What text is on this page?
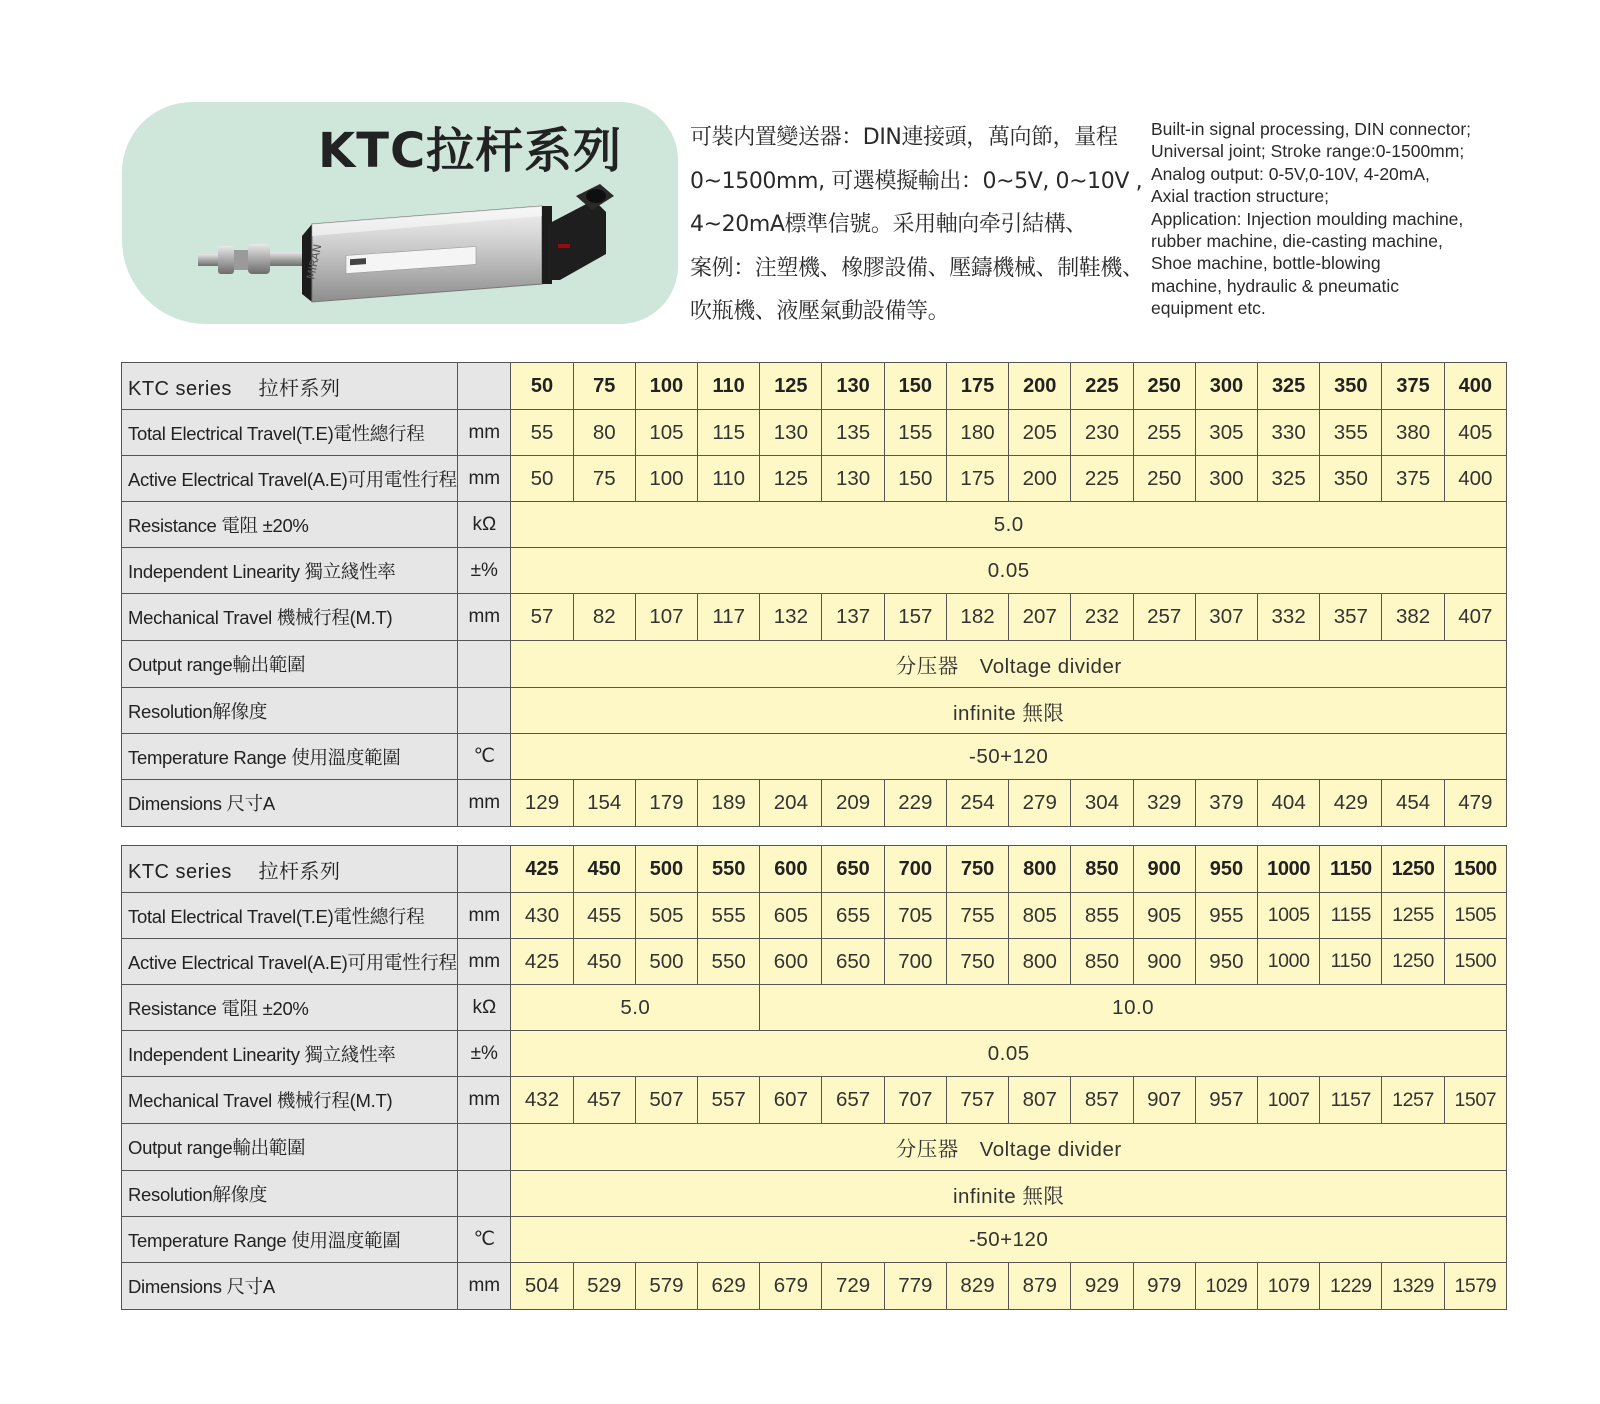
KTC拉杆系列
MIRAN
可裝内置變送器：DIN連接頭，萬向節，量程
0~1500mm, 可選模擬輸出：0~5V, 0~10V ,
4~20mA標準信號。采用軸向牵引結構、
案例：注塑機、橡膠設備、壓鑄機械、制鞋機、
吹瓶機、液壓氣動設備等。
Built-in signal processing, DIN connector;
Universal joint; Stroke range:0-1500mm;
Analog output: 0-5V,0-10V, 4-20mA,
Axial traction structure;
Application: Injection moulding machine,
rubber machine, die-casting machine,
Shoe machine, bottle-blowing
machine, hydraulic & pneumatic
equipment etc.
KTC series　 拉杆系列		50	75	100	110	125	130	150	175	200	225	250	300	325	350	375	400
Total Electrical Travel(T.E)電性總行程	mm	55	80	105	115	130	135	155	180	205	230	255	305	330	355	380	405
Active Electrical Travel(A.E)可用電性行程	mm	50	75	100	110	125	130	150	175	200	225	250	300	325	350	375	400
Resistance 電阻 ±20%	kΩ	5.0															
Independent Linearity 獨立綫性率	±%	0.05															
Mechanical Travel 機械行程(M.T)	mm	57	82	107	117	132	137	157	182	207	232	257	307	332	357	382	407
Output range輸出範圍		分压器　Voltage divider															
Resolution解像度		infinite 無限															
Temperature Range 使用溫度範圍	℃	-50+120															
Dimensions 尺寸A	mm	129	154	179	189	204	209	229	254	279	304	329	379	404	429	454	479
KTC series　 拉杆系列		425	450	500	550	600	650	700	750	800	850	900	950	1000	1150	1250	1500
Total Electrical Travel(T.E)電性總行程	mm	430	455	505	555	605	655	705	755	805	855	905	955	1005	1155	1255	1505
Active Electrical Travel(A.E)可用電性行程	mm	425	450	500	550	600	650	700	750	800	850	900	950	1000	1150	1250	1500
Resistance 電阻 ±20%	kΩ	5.0				10.0											
Independent Linearity 獨立綫性率	±%	0.05															
Mechanical Travel 機械行程(M.T)	mm	432	457	507	557	607	657	707	757	807	857	907	957	1007	1157	1257	1507
Output range輸出範圍		分压器　Voltage divider															
Resolution解像度		infinite 無限															
Temperature Range 使用溫度範圍	℃	-50+120															
Dimensions 尺寸A	mm	504	529	579	629	679	729	779	829	879	929	979	1029	1079	1229	1329	1579
